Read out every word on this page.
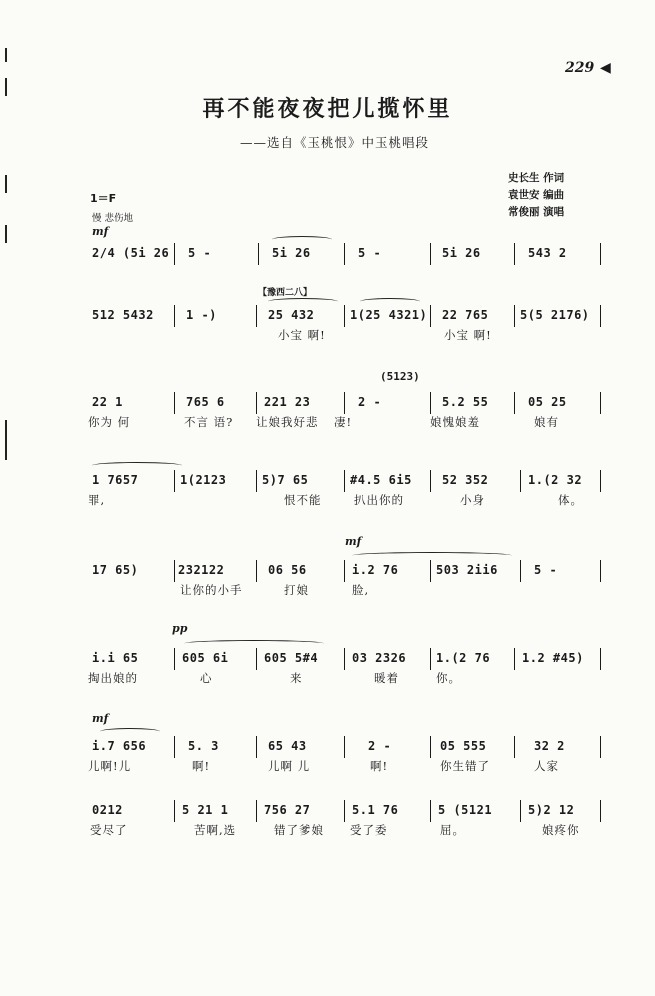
229 ◀
再不能夜夜把儿揽怀里
——选自《玉桃恨》中玉桃唱段
史长生 作词
袁世安 编曲
常俊丽 演唱
1＝F
慢 悲伤地
mf
【豫西二八】
(5123)
mf
pp
mf

2/4 (5i 26

5 -

	5i 26

	5 -

	5i 26

	543 2

512 5432

	1 -)

	25 432

	1(25 4321)

22 765

	5(5 2176)

小宝 啊!

	小宝 啊!

22 1

	765 6

	221 23

	2 -

	5.2 55

	05 25

你为 何

	不言 语?

让娘我好悲

凄!

	娘愧娘羞

	娘有

1 7657

	1(2123

	5)7 65

	#4.5 6i5

	52 352

	1.(2 32

罪,

	恨不能

	扒出你的

	小身

	体。

17 65)

	232122

	06 56

	i.2 76

	503 2ii6

	5 -

让你的小手

	打娘

	脸,

i.i 65

	605 6i

	605 5#4

	03 2326

1.(2 76

	1.2 #45)

掏出娘的

	心

	来

	暖着

	你。

i.7 656

	5. 3

	65 43

	2 -

	05 555

	32 2

儿啊!儿

	啊!

	儿啊 儿

	啊!

	你生错了

	人家

0212

	5 21 1

	756 27

	5.1 76

	5 (5121

	5)2 12

受尽了

	苦啊,选

	错了爹娘

受了委

	屈。

	娘疼你
